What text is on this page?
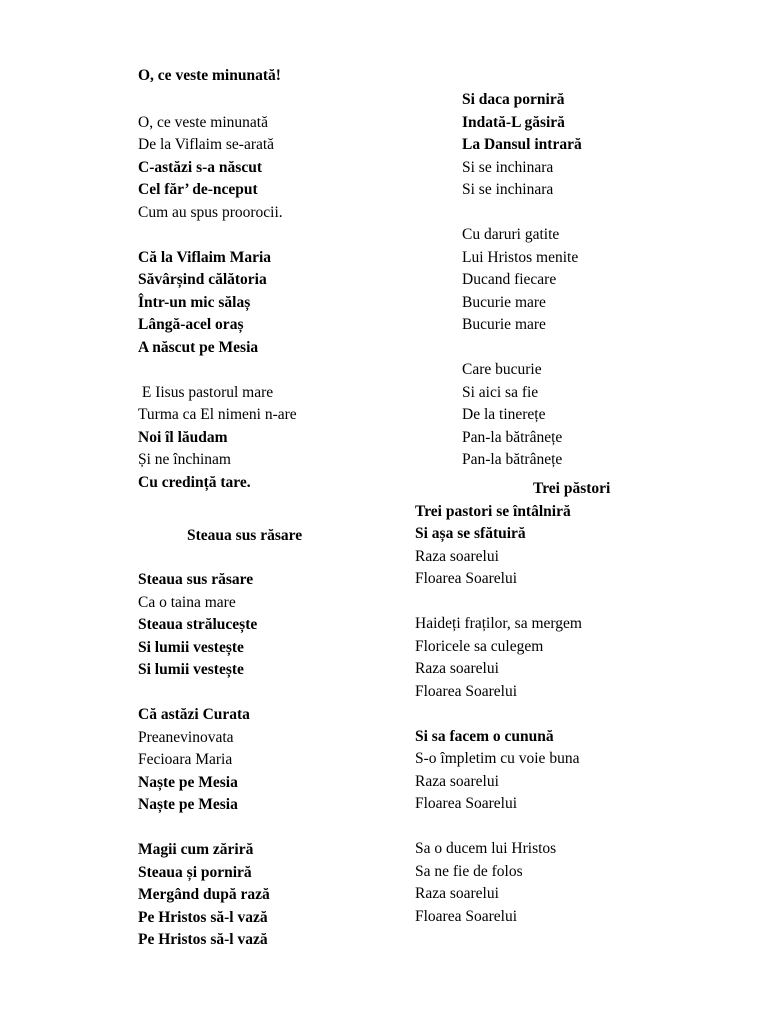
O, ce veste minunată!
O, ce veste minunată
De la Viflaim se-arată
C-astăzi s-a născut
Cel făr’ de-nceput
Cum au spus proorocii.
Că la Viflaim Maria
Săvârșind călătoria
Într-un mic sălaș
Lângă-acel oraș
A născut pe Mesia
E Iisus pastorul mare
Turma ca El nimeni n-are
Noi îl lăudam
Și ne închinam
Cu credință tare.
Steaua sus răsare
Steaua sus răsare
Ca o taina mare
Steaua strălucește
Si lumii vestește
Si lumii vestește
Că astăzi Curata
Preanevinovata
Fecioara Maria
Naște pe Mesia
Naște pe Mesia
Magii cum zăriră
Steaua și porniră
Mergând după rază
Pe Hristos să-l vază
Pe Hristos să-l vază
Si daca porniră
Indată-L găsiră
La Dansul intrară
Si se inchinara
Si se inchinara
Cu daruri gatite
Lui Hristos menite
Ducand fiecare
Bucurie mare
Bucurie mare
Care bucurie
Si aici sa fie
De la tinerețe
Pan-la bătrânețe
Pan-la bătrânețe
Trei păstori
Trei pastori se întâlniră
Si așa se sfătuiră
Raza soarelui
Floarea Soarelui
Haideți fraților, sa mergem
Floricele sa culegem
Raza soarelui
Floarea Soarelui
Si sa facem o cunună
S-o împletim cu voie buna
Raza soarelui
Floarea Soarelui
Sa o ducem lui Hristos
Sa ne fie de folos
Raza soarelui
Floarea Soarelui
